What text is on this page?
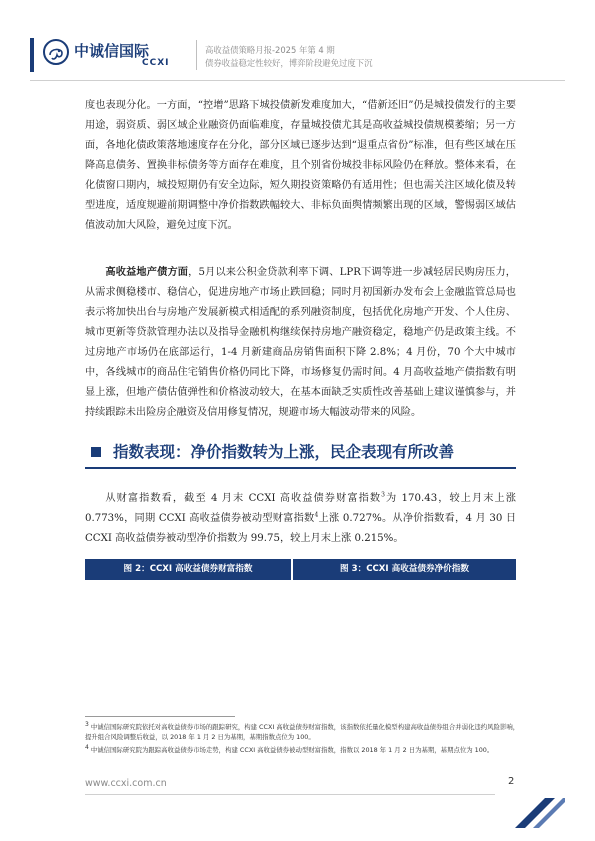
中诚信国际
CCXI
高收益债策略月报-2025 年第 4 期
债券收益稳定性较好，博弈阶段避免过度下沉
度也表现分化。一方面，“控增”思路下城投债新发难度加大，“借新还旧”仍是城投债发行的主要用途，弱资质、弱区域企业融资仍面临难度，存量城投债尤其是高收益城投债规模萎缩；另一方面，各地化债政策落地速度存在分化，部分区域已逐步达到“退重点省份”标准，但有些区域在压降高息债务、置换非标债务等方面存在难度，且个别省份城投非标风险仍在释放。整体来看，在化债窗口期内，城投短期仍有安全边际，短久期投资策略仍有适用性；但也需关注区域化债及转型进度，适度规避前期调整中净价指数跌幅较大、非标负面舆情频繁出现的区域，警惕弱区域估值波动加大风险，避免过度下沉。
高收益地产债方面，5月以来公积金贷款利率下调、LPR下调等进一步减轻居民购房压力，从需求侧稳楼市、稳信心，促进房地产市场止跌回稳；同时月初国新办发布会上金融监管总局也表示将加快出台与房地产发展新模式相适配的系列融资制度，包括优化房地产开发、个人住房、城市更新等贷款管理办法以及指导金融机构继续保持房地产融资稳定，稳地产仍是政策主线。不过房地产市场仍在底部运行，1-4 月新建商品房销售面积下降 2.8%；4 月份，70 个大中城市中，各线城市的商品住宅销售价格仍同比下降，市场修复仍需时间。4 月高收益地产债指数有明显上涨，但地产债估值弹性和价格波动较大，在基本面缺乏实质性改善基础上建议谨慎参与，并持续跟踪未出险房企融资及信用修复情况，规避市场大幅波动带来的风险。
指数表现：净价指数转为上涨，民企表现有所改善
从财富指数看，截至 4 月末 CCXI 高收益债券财富指数$^3$为 170.43，较上月末上涨 0.773%，同期 CCXI 高收益债券被动型财富指数$^4$上涨 0.727%。从净价指数看，4 月 30 日 CCXI 高收益债券被动型净价指数为 99.75，较上月末上涨 0.215%。
图 2：CCXI 高收益债券财富指数	图 3：CCXI 高收益债券净价指数
$^3$ 中诚信国际研究院依托对高收益债券市场的跟踪研究，构建 CCXI 高收益债券财富指数，该指数依托量化模型构建高收益债券组合并弱化违约风险影响，提升组合风险调整后收益，以 2018 年 1 月 2 日为基期，基期指数点位为 100。
$^4$ 中诚信国际研究院为跟踪高收益债券市场走势，构建 CCXI 高收益债券被动型财富指数，指数以 2018 年 1 月 2 日为基期，基期点位为 100。
www.ccxi.com.cn	2
